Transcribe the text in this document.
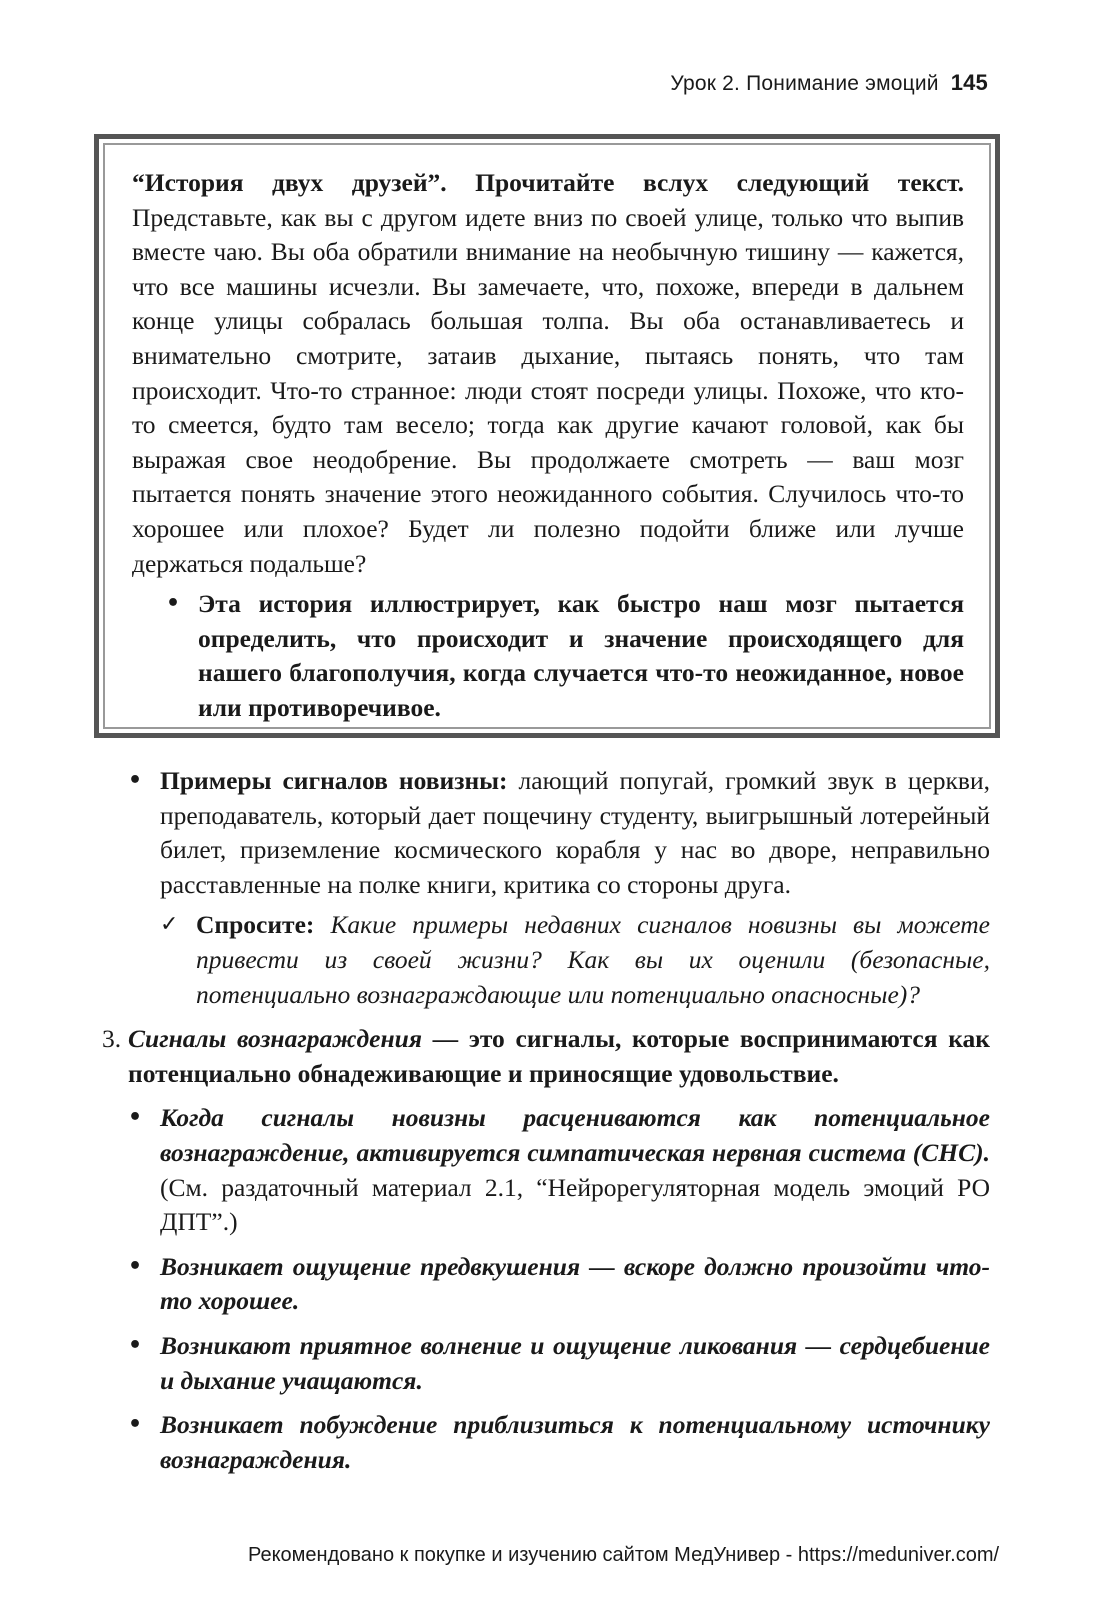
Урок 2. Понимание эмоций 145

“История двух друзей”. Прочитайте вслух следующий текст. Представьте, как вы с другом идете вниз по своей улице, только что выпив вместе чаю. Вы оба обратили внимание на необычную тишину — кажется, что все машины исчезли. Вы замечаете, что, похоже, впереди в дальнем конце улицы собралась большая толпа. Вы оба останавливаетесь и внимательно смотрите, затаив дыхание, пытаясь понять, что там происходит. Что-то странное: люди стоят посреди улицы. Похоже, что кто-то смеется, будто там весело; тогда как другие качают головой, как бы выражая свое неодобрение. Вы продолжаете смотреть — ваш мозг пытается понять значение этого неожиданного события. Случилось что-то хорошее или плохое? Будет ли полезно подойти ближе или лучше держаться подальше?

• Эта история иллюстрирует, как быстро наш мозг пытается определить, что происходит и значение происходящего для нашего благополучия, когда случается что-то неожиданное, новое или противоречивое.
• Примеры сигналов новизны: лающий попугай, громкий звук в церкви, преподаватель, который дает пощечину студенту, выигрышный лотерейный билет, приземление космического корабля у нас во дворе, неправильно расставленные на полке книги, критика со стороны друга.
✓ Спросите: Какие примеры недавних сигналов новизны вы можете привести из своей жизни? Как вы их оценили (безопасные, потенциально вознаграждающие или потенциально опасносные)?
3. Сигналы вознаграждения — это сигналы, которые воспринимаются как потенциально обнадеживающие и приносящие удовольствие.
• Когда сигналы новизны расцениваются как потенциальное вознаграждение, активируется симпатическая нервная система (СНС). (См. раздаточный материал 2.1, “Нейрорегуляторная модель эмоций РО ДПТ”.)
• Возникает ощущение предвкушения — вскоре должно произойти что-то хорошее.
• Возникают приятное волнение и ощущение ликования — сердцебиение и дыхание учащаются.
• Возникает побуждение приблизиться к потенциальному источнику вознаграждения.
Рекомендовано к покупке и изучению сайтом МедУнивер - https://meduniver.com/
